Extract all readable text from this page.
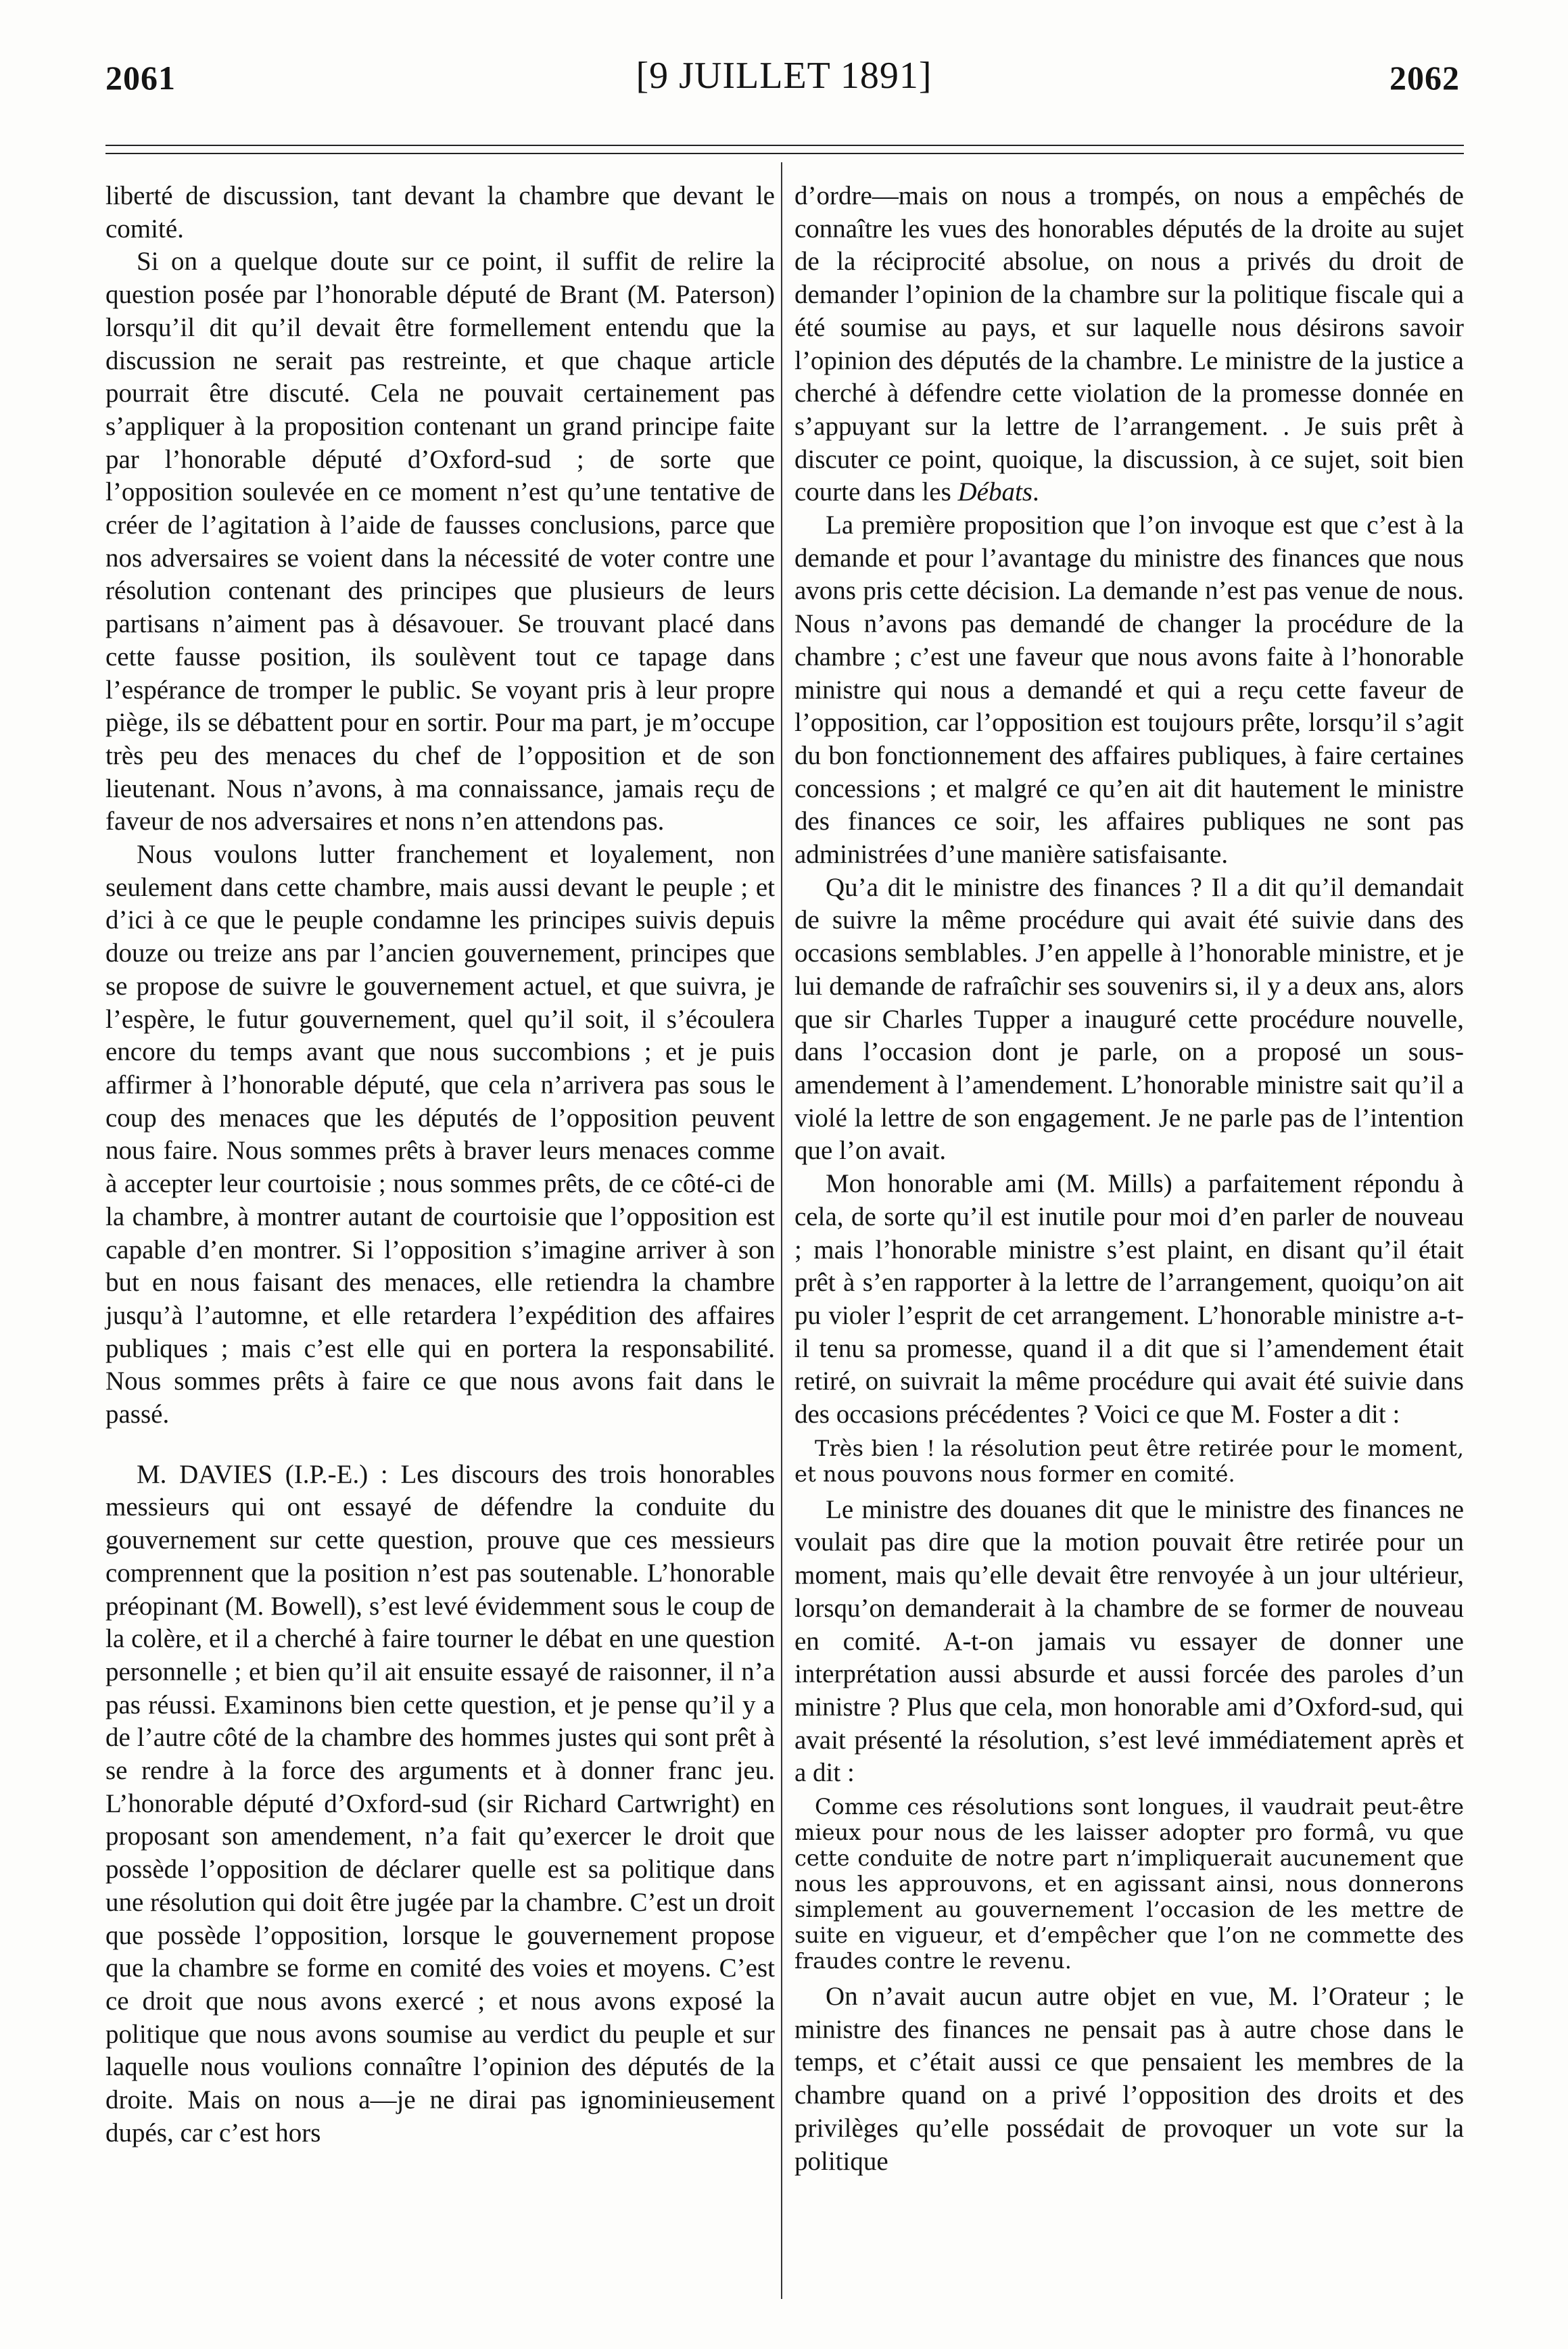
[9 JUILLET 1891]
2061	2062

liberté de discussion, tant devant la chambre que devant le comité.

Si on a quelque doute sur ce point, il suffit de relire la question posée par l’honorable député de Brant (M. Paterson) lorsqu’il dit qu’il devait être formellement entendu que la discussion ne serait pas restreinte, et que chaque article pourrait être discuté. Cela ne pouvait certainement pas s’appliquer à la proposition contenant un grand principe faite par l’honorable député d’Oxford-sud ; de sorte que l’opposition soulevée en ce moment n’est qu’une tentative de créer de l’agitation à l’aide de fausses conclusions, parce que nos adversaires se voient dans la nécessité de voter contre une résolution contenant des principes que plusieurs de leurs partisans n’aiment pas à désavouer. Se trouvant placé dans cette fausse position, ils soulèvent tout ce tapage dans l’espérance de tromper le public. Se voyant pris à leur propre piège, ils se débattent pour en sortir. Pour ma part, je m’occupe très peu des menaces du chef de l’opposition et de son lieutenant. Nous n’avons, à ma connaissance, jamais reçu de faveur de nos adversaires et nons n’en attendons pas.

Nous voulons lutter franchement et loyalement, non seulement dans cette chambre, mais aussi devant le peuple ; et d’ici à ce que le peuple condamne les principes suivis depuis douze ou treize ans par l’ancien gouvernement, principes que se propose de suivre le gouvernement actuel, et que suivra, je l’espère, le futur gouvernement, quel qu’il soit, il s’écoulera encore du temps avant que nous succombions ; et je puis affirmer à l’honorable député, que cela n’arrivera pas sous le coup des menaces que les députés de l’opposition peuvent nous faire. Nous sommes prêts à braver leurs menaces comme à accepter leur courtoisie ; nous sommes prêts, de ce côté-ci de la chambre, à montrer autant de courtoisie que l’opposition est capable d’en montrer. Si l’opposition s’imagine arriver à son but en nous faisant des menaces, elle retiendra la chambre jusqu’à l’automne, et elle retardera l’expédition des affaires publiques ; mais c’est elle qui en portera la responsabilité. Nous sommes prêts à faire ce que nous avons fait dans le passé.

M. DAVIES (I.P.-E.) : Les discours des trois honorables messieurs qui ont essayé de défendre la conduite du gouvernement sur cette question, prouve que ces messieurs comprennent que la position n’est pas soutenable. L’honorable préopinant (M. Bowell), s’est levé évidemment sous le coup de la colère, et il a cherché à faire tourner le débat en une question personnelle ; et bien qu’il ait ensuite essayé de raisonner, il n’a pas réussi. Examinons bien cette question, et je pense qu’il y a de l’autre côté de la chambre des hommes justes qui sont prêt à se rendre à la force des arguments et à donner franc jeu. L’honorable député d’Oxford-sud (sir Richard Cartwright) en proposant son amendement, n’a fait qu’exercer le droit que possède l’opposition de déclarer quelle est sa politique dans une résolution qui doit être jugée par la chambre. C’est un droit que possède l’opposition, lorsque le gouvernement propose que la chambre se forme en comité des voies et moyens. C’est ce droit que nous avons exercé ; et nous avons exposé la politique que nous avons soumise au verdict du peuple et sur laquelle nous voulions connaître l’opinion des députés de la droite. Mais on nous a—je ne dirai pas ignominieusement dupés, car c’est hors

d’ordre—mais on nous a trompés, on nous a empêchés de connaître les vues des honorables députés de la droite au sujet de la réciprocité absolue, on nous a privés du droit de demander l’opinion de la chambre sur la politique fiscale qui a été soumise au pays, et sur laquelle nous désirons savoir l’opinion des députés de la chambre. Le ministre de la justice a cherché à défendre cette violation de la promesse donnée en s’appuyant sur la lettre de l’arrangement. . Je suis prêt à discuter ce point, quoique, la discussion, à ce sujet, soit bien courte dans les Débats.

La première proposition que l’on invoque est que c’est à la demande et pour l’avantage du ministre des finances que nous avons pris cette décision. La demande n’est pas venue de nous. Nous n’avons pas demandé de changer la procédure de la chambre ; c’est une faveur que nous avons faite à l’honorable ministre qui nous a demandé et qui a reçu cette faveur de l’opposition, car l’opposition est toujours prête, lorsqu’il s’agit du bon fonctionnement des affaires publiques, à faire certaines concessions ; et malgré ce qu’en ait dit hautement le ministre des finances ce soir, les affaires publiques ne sont pas administrées d’une manière satisfaisante.

Qu’a dit le ministre des finances ? Il a dit qu’il demandait de suivre la même procédure qui avait été suivie dans des occasions semblables. J’en appelle à l’honorable ministre, et je lui demande de rafraîchir ses souvenirs si, il y a deux ans, alors que sir Charles Tupper a inauguré cette procédure nouvelle, dans l’occasion dont je parle, on a proposé un sous-amendement à l’amendement. L’honorable ministre sait qu’il a violé la lettre de son engagement. Je ne parle pas de l’intention que l’on avait.

Mon honorable ami (M. Mills) a parfaitement répondu à cela, de sorte qu’il est inutile pour moi d’en parler de nouveau ; mais l’honorable ministre s’est plaint, en disant qu’il était prêt à s’en rapporter à la lettre de l’arrangement, quoiqu’on ait pu violer l’esprit de cet arrangement. L’honorable ministre a-t-il tenu sa promesse, quand il a dit que si l’amendement était retiré, on suivrait la même procédure qui avait été suivie dans des occasions précédentes ? Voici ce que M. Foster a dit :

Très bien ! la résolution peut être retirée pour le moment, et nous pouvons nous former en comité.

Le ministre des douanes dit que le ministre des finances ne voulait pas dire que la motion pouvait être retirée pour un moment, mais qu’elle devait être renvoyée à un jour ultérieur, lorsqu’on demanderait à la chambre de se former de nouveau en comité. A-t-on jamais vu essayer de donner une interprétation aussi absurde et aussi forcée des paroles d’un ministre ? Plus que cela, mon honorable ami d’Oxford-sud, qui avait présenté la résolution, s’est levé immédiatement après et a dit :

Comme ces résolutions sont longues, il vaudrait peut-être mieux pour nous de les laisser adopter pro formâ, vu que cette conduite de notre part n’impliquerait aucunement que nous les approuvons, et en agissant ainsi, nous donnerons simplement au gouvernement l’occasion de les mettre de suite en vigueur, et d’empêcher que l’on ne commette des fraudes contre le revenu.

On n’avait aucun autre objet en vue, M. l’Orateur ; le ministre des finances ne pensait pas à autre chose dans le temps, et c’était aussi ce que pensaient les membres de la chambre quand on a privé l’opposition des droits et des privilèges qu’elle possédait de provoquer un vote sur la politique
